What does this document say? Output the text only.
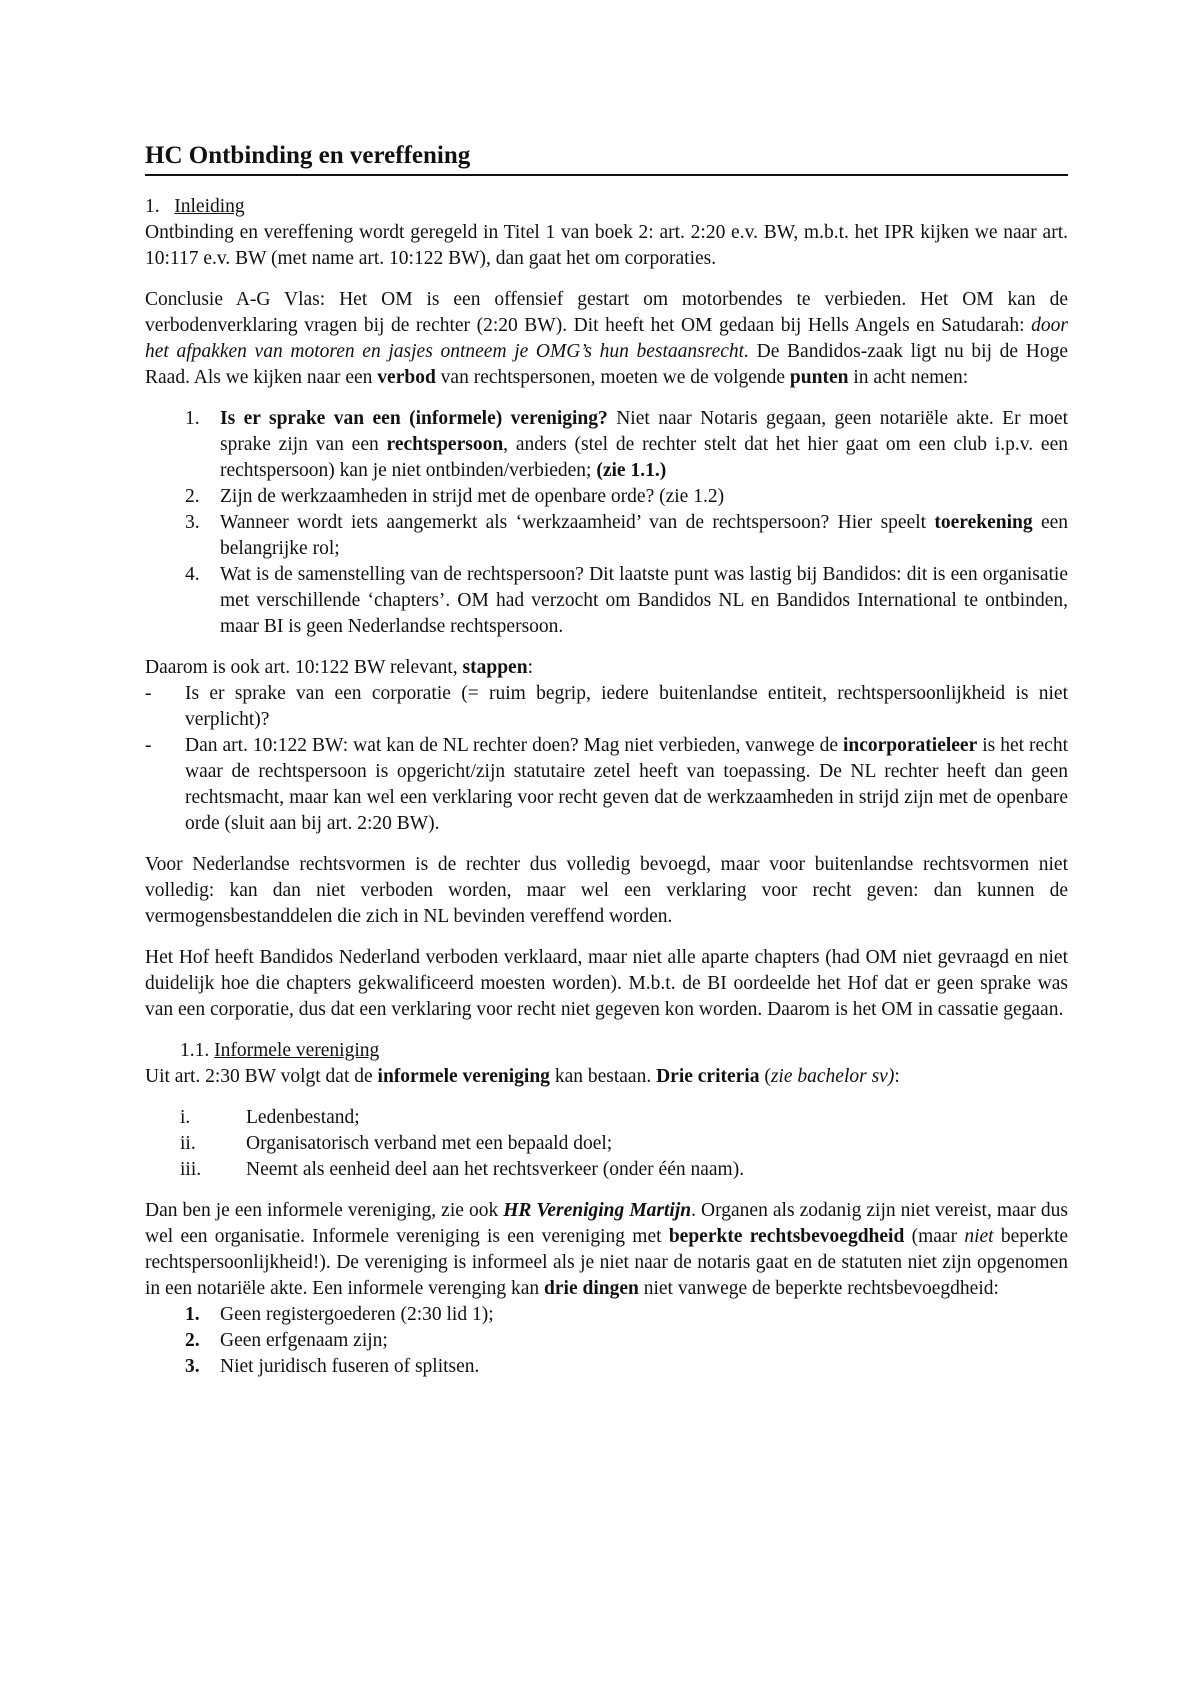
HC Ontbinding en vereffening

1. Inleiding

Ontbinding en vereffening wordt geregeld in Titel 1 van boek 2: art. 2:20 e.v. BW, m.b.t. het IPR kijken we naar art. 10:117 e.v. BW (met name art. 10:122 BW), dan gaat het om corporaties.

Conclusie A-G Vlas: Het OM is een offensief gestart om motorbendes te verbieden. Het OM kan de verbodenverklaring vragen bij de rechter (2:20 BW). Dit heeft het OM gedaan bij Hells Angels en Satudarah: door het afpakken van motoren en jasjes ontneem je OMG’s hun bestaansrecht. De Bandidos-zaak ligt nu bij de Hoge Raad. Als we kijken naar een verbod van rechtspersonen, moeten we de volgende punten in acht nemen:

1.	Is er sprake van een (informele) vereniging? Niet naar Notaris gegaan, geen notariële akte. Er moet sprake zijn van een rechtspersoon, anders (stel de rechter stelt dat het hier gaat om een club i.p.v. een rechtspersoon) kan je niet ontbinden/verbieden; (zie 1.1.)
2.	Zijn de werkzaamheden in strijd met de openbare orde? (zie 1.2)
3.	Wanneer wordt iets aangemerkt als ‘werkzaamheid’ van de rechtspersoon? Hier speelt toerekening een belangrijke rol;
4.	Wat is de samenstelling van de rechtspersoon? Dit laatste punt was lastig bij Bandidos: dit is een organisatie met verschillende ‘chapters’. OM had verzocht om Bandidos NL en Bandidos International te ontbinden, maar BI is geen Nederlandse rechtspersoon.

Daarom is ook art. 10:122 BW relevant, stappen:

-	Is er sprake van een corporatie (= ruim begrip, iedere buitenlandse entiteit, rechtspersoonlijkheid is niet verplicht)?
-	Dan art. 10:122 BW: wat kan de NL rechter doen? Mag niet verbieden, vanwege de incorporatieleer is het recht waar de rechtspersoon is opgericht/zijn statutaire zetel heeft van toepassing. De NL rechter heeft dan geen rechtsmacht, maar kan wel een verklaring voor recht geven dat de werkzaamheden in strijd zijn met de openbare orde (sluit aan bij art. 2:20 BW).

Voor Nederlandse rechtsvormen is de rechter dus volledig bevoegd, maar voor buitenlandse rechtsvormen niet volledig: kan dan niet verboden worden, maar wel een verklaring voor recht geven: dan kunnen de vermogensbestanddelen die zich in NL bevinden vereffend worden.

Het Hof heeft Bandidos Nederland verboden verklaard, maar niet alle aparte chapters (had OM niet gevraagd en niet duidelijk hoe die chapters gekwalificeerd moesten worden). M.b.t. de BI oordeelde het Hof dat er geen sprake was van een corporatie, dus dat een verklaring voor recht niet gegeven kon worden. Daarom is het OM in cassatie gegaan.

1.1. Informele vereniging

Uit art. 2:30 BW volgt dat de informele vereniging kan bestaan. Drie criteria (zie bachelor sv):

i.	Ledenbestand;
ii.	Organisatorisch verband met een bepaald doel;
iii.	Neemt als eenheid deel aan het rechtsverkeer (onder één naam).

Dan ben je een informele vereniging, zie ook HR Vereniging Martijn. Organen als zodanig zijn niet vereist, maar dus wel een organisatie. Informele vereniging is een vereniging met beperkte rechtsbevoegdheid (maar niet beperkte rechtspersoonlijkheid!). De vereniging is informeel als je niet naar de notaris gaat en de statuten niet zijn opgenomen in een notariële akte. Een informele verenging kan drie dingen niet vanwege de beperkte rechtsbevoegdheid:

1.	Geen registergoederen (2:30 lid 1);
2.	Geen erfgenaam zijn;
3.	Niet juridisch fuseren of splitsen.
